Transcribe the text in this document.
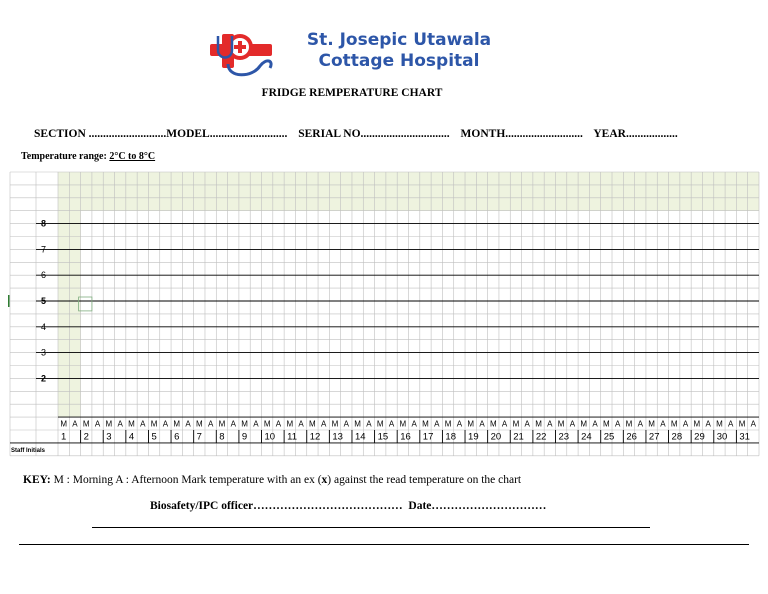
St. Josepic Utawala
Cottage Hospital
FRIDGE REMPERATURE CHART
SECTION ...........................MODEL........................... SERIAL NO............................... MONTH........................... YEAR..................
Temperature range: 2°C to 8°C
8
7
6
5
4
3
2
M A M A M A M A M A M A M A M A M A M A M A M A M A M A M A M A M A M A M A M A M A M A M A M A M A M A M A M A M A M A M A
1 2 3 4 5 6 7 8 9 10 11 12 13 14 15 16 17 18 19 20 21 22 23 24 25 26 27 28 29 30 31
Staff Initials
KEY: M : Morning A : Afternoon Mark temperature with an ex (x) against the read temperature on the chart
Biosafety/IPC officer………………………………… Date…………………………
